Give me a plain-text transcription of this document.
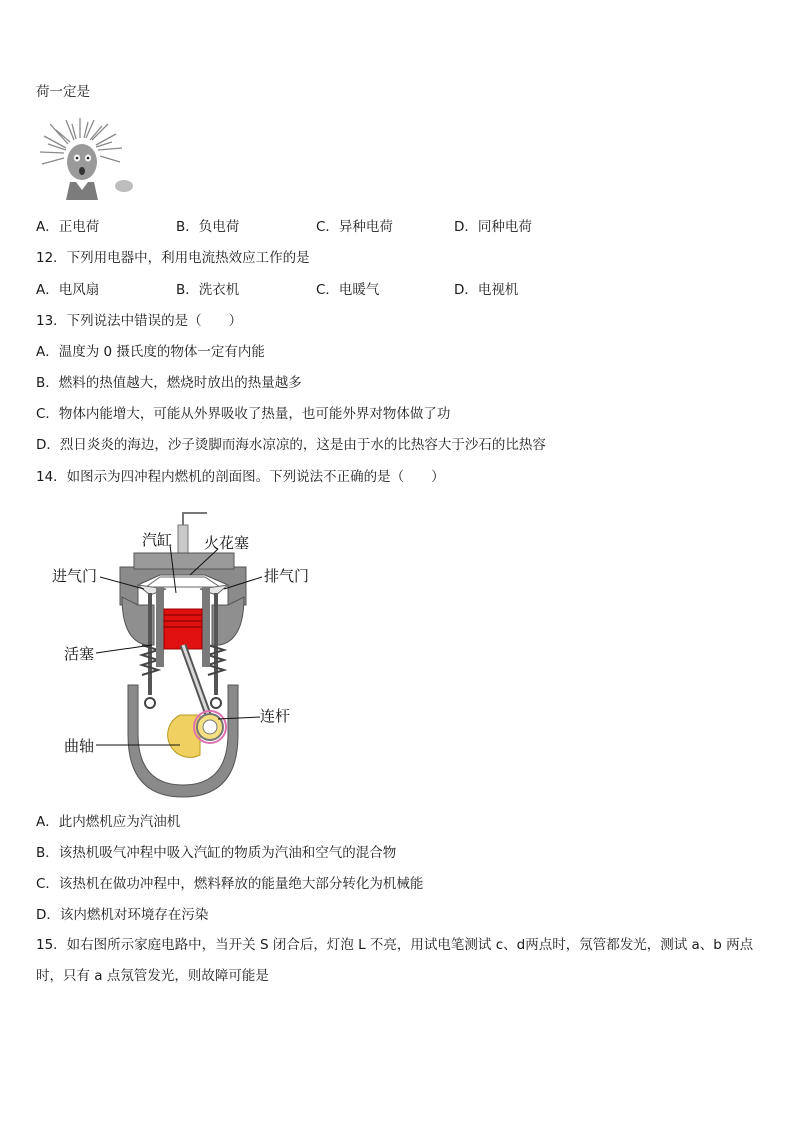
荷一定是
A．正电荷	B．负电荷	C．异种电荷	D．同种电荷
12．下列用电器中，利用电流热效应工作的是
A．电风扇	B．洗衣机	C．电暖气	D．电视机
13．下列说法中错误的是（　　）
A．温度为 0 摄氏度的物体一定有内能
B．燃料的热值越大，燃烧时放出的热量越多
C．物体内能增大，可能从外界吸收了热量，也可能外界对物体做了功
D．烈日炎炎的海边，沙子烫脚而海水凉凉的，这是由于水的比热容大于沙石的比热容
14．如图示为四冲程内燃机的剖面图。下列说法不正确的是（　　）
汽缸 火花塞
进气门	排气门
活塞
连杆
曲轴
A．此内燃机应为汽油机
B．该热机吸气冲程中吸入汽缸的物质为汽油和空气的混合物
C．该热机在做功冲程中，燃料释放的能量绝大部分转化为机械能
D．该内燃机对环境存在污染
15．如右图所示家庭电路中，当开关 S 闭合后，灯泡 L 不亮，用试电笔测试 c、d两点时，氖管都发光，测试 a、b 两点时，只有 a 点氖管发光，则故障可能是
